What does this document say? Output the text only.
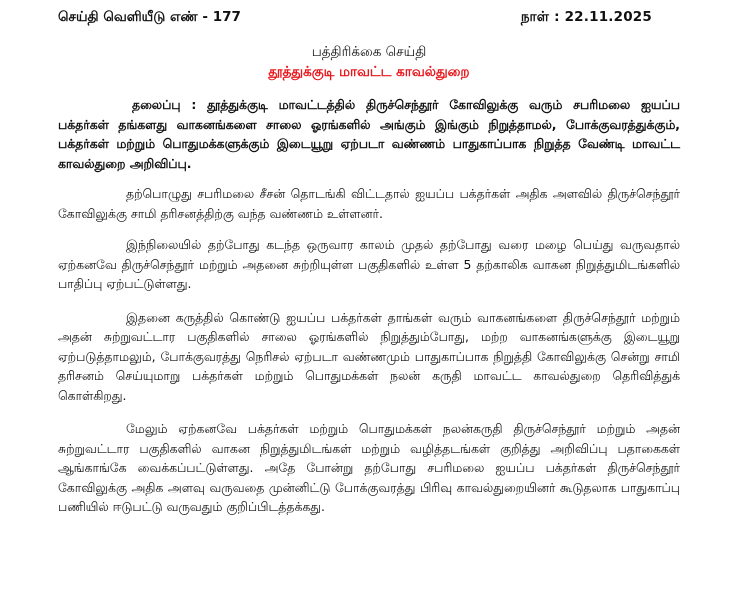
செய்தி வெளியீடு எண் - 177	நாள் : 22.11.2025
பத்திரிக்கை செய்தி
தூத்துக்குடி மாவட்ட காவல்துறை

தலைப்பு : தூத்துக்குடி மாவட்டத்தில் திருச்செந்தூர் கோவிலுக்கு வரும் சபரிமலை ஐயப்ப பக்தர்கள் தங்களது வாகனங்களை சாலை ஓரங்களில் அங்கும் இங்கும் நிறுத்தாமல், போக்குவரத்துக்கும், பக்தர்கள் மற்றும் பொதுமக்களுக்கும் இடையூறு ஏற்படா வண்ணம் பாதுகாப்பாக நிறுத்த வேண்டி மாவட்ட காவல்துறை அறிவிப்பு.

தற்பொழுது சபரிமலை சீசன் தொடங்கி விட்டதால் ஐயப்ப பக்தர்கள் அதிக அளவில் திருச்செந்தூர் கோவிலுக்கு சாமி தரிசனத்திற்கு வந்த வண்ணம் உள்ளனர்.

இந்நிலையில் தற்போது கடந்த ஒருவார காலம் முதல் தற்போது வரை மழை பெய்து வருவதால் ஏற்கனவே திருச்செந்தூர் மற்றும் அதனை சுற்றியுள்ள பகுதிகளில் உள்ள 5 தற்காலிக வாகன நிறுத்துமிடங்களில் பாதிப்பு ஏற்பட்டுள்ளது.

இதனை கருத்தில் கொண்டு ஐயப்ப பக்தர்கள் தாங்கள் வரும் வாகனங்களை திருச்செந்தூர் மற்றும் அதன் சுற்றுவட்டார பகுதிகளில் சாலை ஓரங்களில் நிறுத்தும்போது, மற்ற வாகனங்களுக்கு இடையூறு ஏற்படுத்தாமலும், போக்குவரத்து நெரிசல் ஏற்படா வண்ணமும் பாதுகாப்பாக நிறுத்தி கோவிலுக்கு சென்று சாமி தரிசனம் செய்யுமாறு பக்தர்கள் மற்றும் பொதுமக்கள் நலன் கருதி மாவட்ட காவல்துறை தெரிவித்துக் கொள்கிறது.

மேலும் ஏற்கனவே பக்தர்கள் மற்றும் பொதுமக்கள் நலன்கருதி திருச்செந்தூர் மற்றும் அதன் சுற்றுவட்டார பகுதிகளில் வாகன நிறுத்துமிடங்கள் மற்றும் வழித்தடங்கள் குறித்து அறிவிப்பு பதாகைகள் ஆங்காங்கே வைக்கப்பட்டுள்ளது. அதே போன்று தற்போது சபரிமலை ஐயப்ப பக்தர்கள் திருச்செந்தூர் கோவிலுக்கு அதிக அளவு வருவதை முன்னிட்டு போக்குவரத்து பிரிவு காவல்துறையினர் கூடுதலாக பாதுகாப்பு பணியில் ஈடுபட்டு வருவதும் குறிப்பிடத்தக்கது.
